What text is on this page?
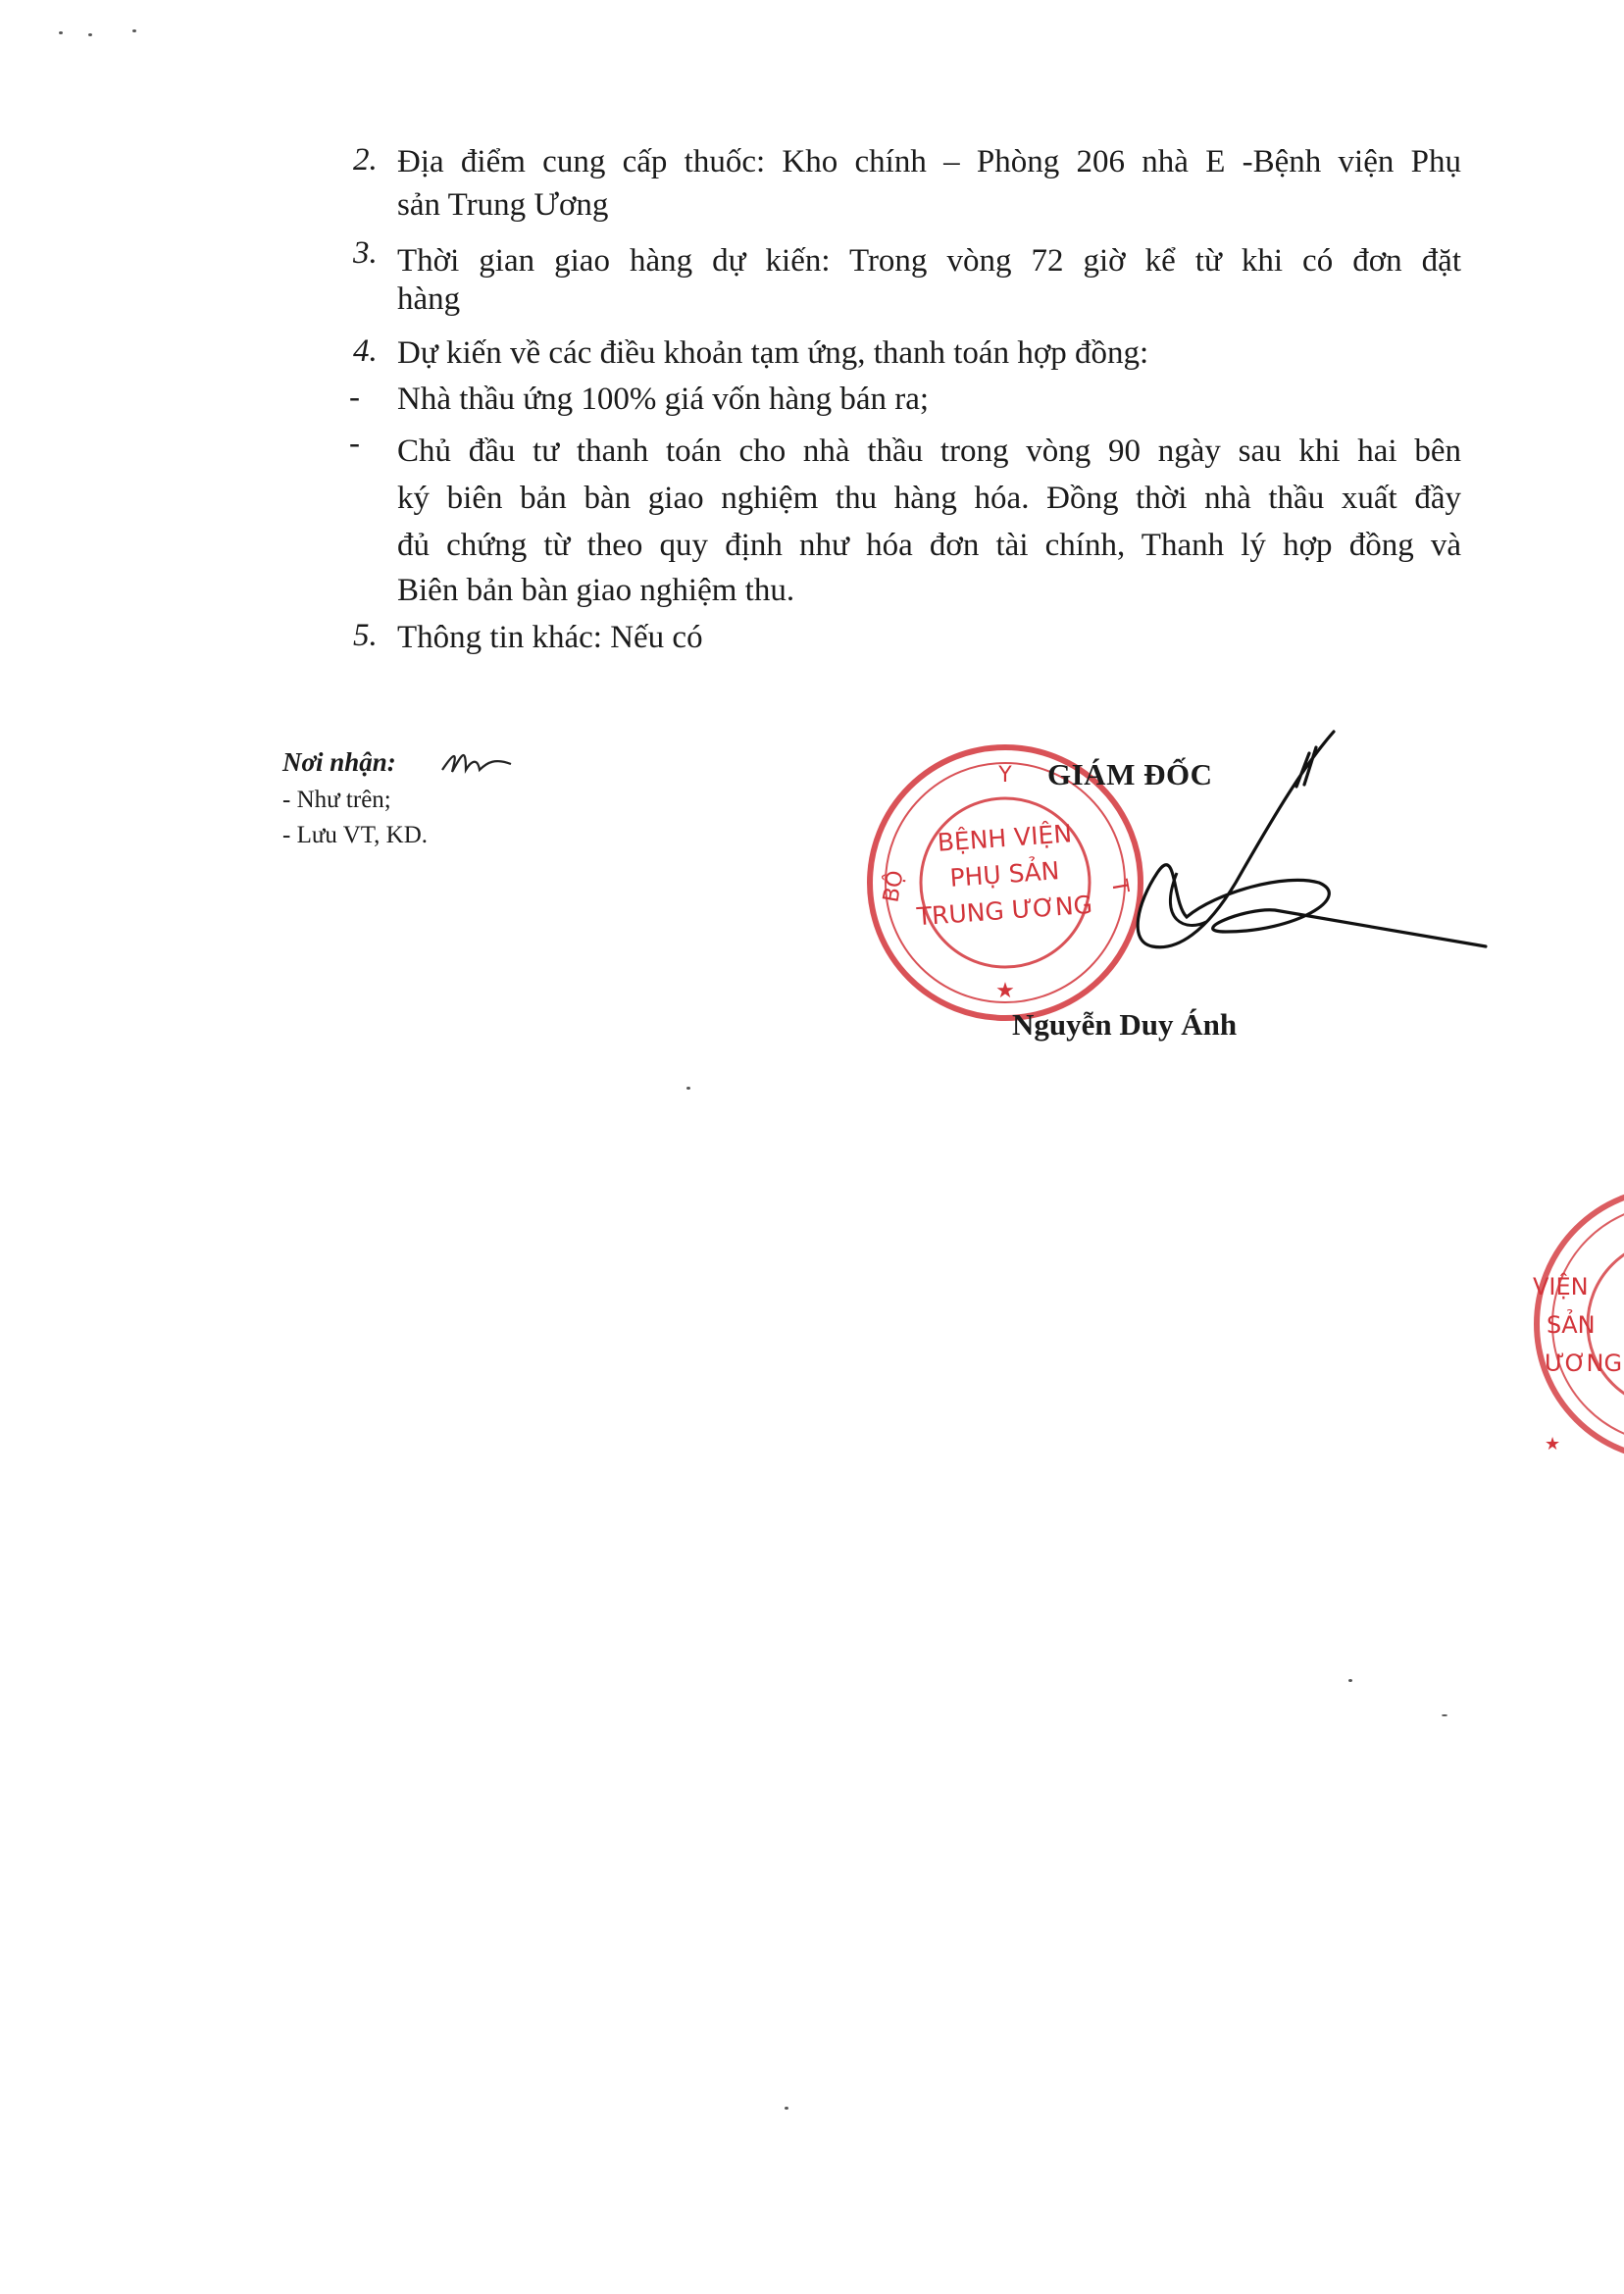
2. Địa điểm cung cấp thuốc: Kho chính – Phòng 206 nhà E -Bệnh viện Phụ
sản Trung Ương
3. Thời gian giao hàng dự kiến: Trong vòng 72 giờ kể từ khi có đơn đặt
hàng
4. Dự kiến về các điều khoản tạm ứng, thanh toán hợp đồng:
- Nhà thầu ứng 100% giá vốn hàng bán ra;
- Chủ đầu tư thanh toán cho nhà thầu trong vòng 90 ngày sau khi hai bên
ký biên bản bàn giao nghiệm thu hàng hóa. Đồng thời nhà thầu xuất đầy
đủ chứng từ theo quy định như hóa đơn tài chính, Thanh lý hợp đồng và
Biên bản bàn giao nghiệm thu.
5. Thông tin khác: Nếu có
Nơi nhận:
- Như trên;
- Lưu VT, KD.
Y
BỘ	T
BỆNH VIỆN
PHỤ SẢN
TRUNG ƯƠNG
★
GIÁM ĐỐC
Nguyễn Duy Ánh
VIỆN
SẢN
ƯƠNG
★
